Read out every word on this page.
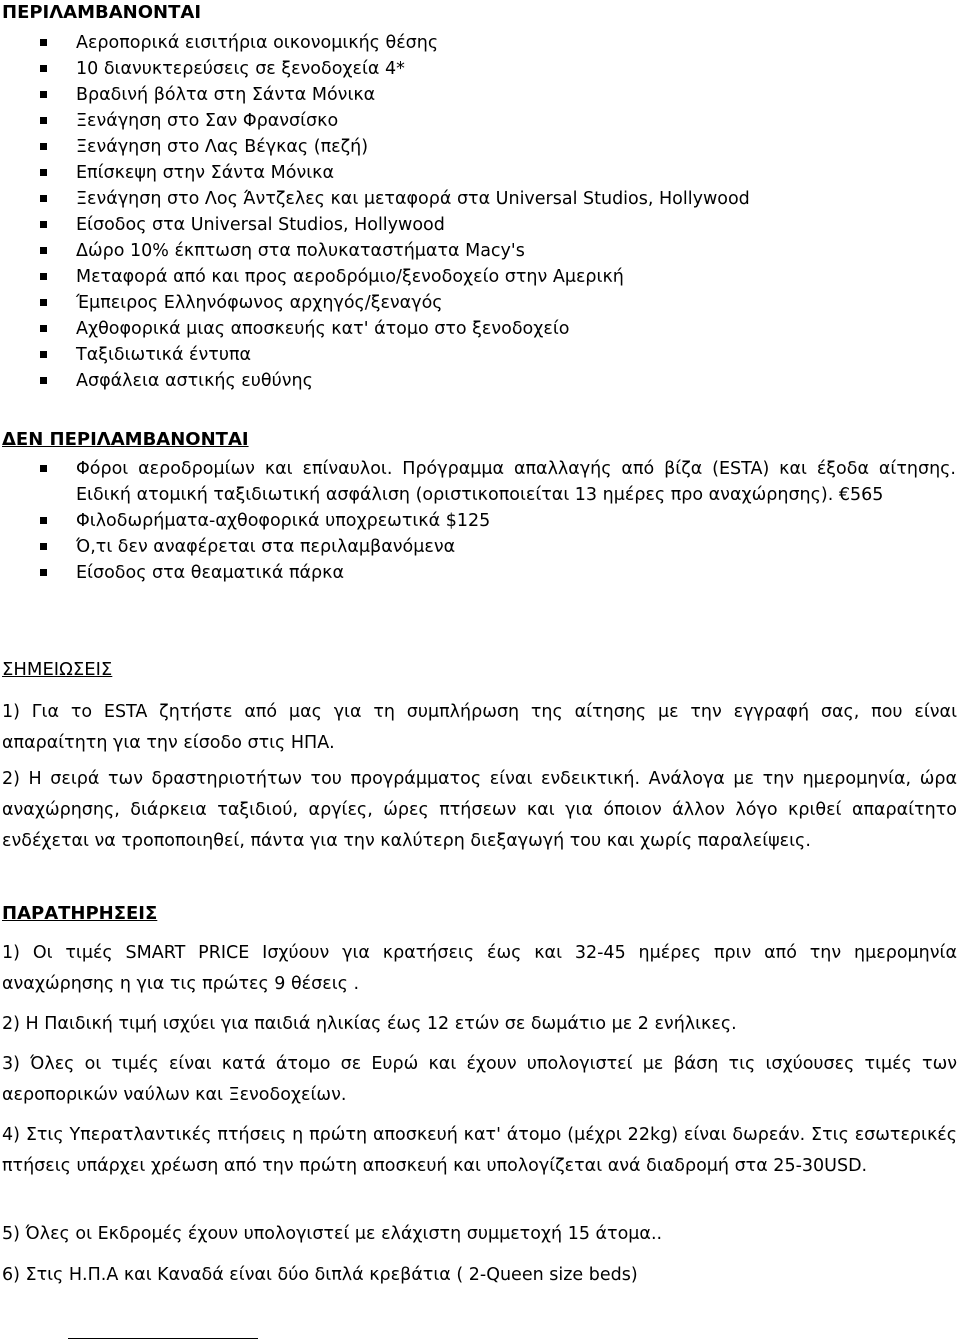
ΠΕΡΙΛΑΜΒΑΝΟΝΤΑΙ
Αεροπορικά εισιτήρια οικονομικής θέσης
10 διανυκτερεύσεις σε ξενοδοχεία 4*
Βραδινή βόλτα στη Σάντα Μόνικα
Ξενάγηση στο Σαν Φρανσίσκο
Ξενάγηση στο Λας Βέγκας (πεζή)
Επίσκεψη στην Σάντα Μόνικα
Ξενάγηση στο Λος Άντζελες και μεταφορά στα Universal Studios, Hollywood
Είσοδος στα Universal Studios, Hollywood
Δώρο 10% έκπτωση στα πολυκαταστήματα Macy's
Μεταφορά από και προς αεροδρόμιο/ξενοδοχείο στην Αμερική
Έμπειρος Ελληνόφωνος αρχηγός/ξεναγός
Αχθοφορικά μιας αποσκευής κατ' άτομο στο ξενοδοχείο
Ταξιδιωτικά έντυπα
Ασφάλεια αστικής ευθύνης
ΔΕΝ ΠΕΡΙΛΑΜΒΑΝΟΝΤΑΙ
Φόροι αεροδρομίων και επίναυλοι. Πρόγραμμα απαλλαγής από βίζα (ESTA) και έξοδα αίτησης. Ειδική ατομική ταξιδιωτική ασφάλιση (οριστικοποιείται 13 ημέρες προ αναχώρησης). €565
Φιλοδωρήματα-αχθοφορικά υποχρεωτικά $125
Ό,τι δεν αναφέρεται στα περιλαμβανόμενα
Είσοδος στα θεαματικά πάρκα
ΣΗΜΕΙΩΣΕΙΣ
1) Για το ESTA ζητήστε από μας για τη συμπλήρωση της αίτησης με την εγγραφή σας, που είναι απαραίτητη για την είσοδο στις ΗΠΑ.
2) Η σειρά των δραστηριοτήτων του προγράμματος είναι ενδεικτική. Ανάλογα με την ημερομηνία, ώρα αναχώρησης, διάρκεια ταξιδιού, αργίες, ώρες πτήσεων και για όποιον άλλον λόγο κριθεί απαραίτητο ενδέχεται να τροποποιηθεί, πάντα για την καλύτερη διεξαγωγή του και χωρίς παραλείψεις.
ΠΑΡΑΤΗΡΗΣΕΙΣ
1) Οι τιμές SMART PRICE Ισχύουν για κρατήσεις έως και 32-45 ημέρες πριν από την ημερομηνία αναχώρησης η για τις πρώτες 9 θέσεις .
2) Η Παιδική τιμή ισχύει για παιδιά ηλικίας έως 12 ετών σε δωμάτιο με 2 ενήλικες.
3) Όλες οι τιμές είναι κατά άτομο σε Ευρώ και έχουν υπολογιστεί με βάση τις ισχύουσες τιμές των αεροπορικών ναύλων και Ξενοδοχείων.
4) Στις Υπερατλαντικές πτήσεις η πρώτη αποσκευή κατ' άτομο (μέχρι 22kg) είναι δωρεάν. Στις εσωτερικές πτήσεις υπάρχει χρέωση από την πρώτη αποσκευή και υπολογίζεται ανά διαδρομή στα 25-30USD.
5) Όλες οι Εκδρομές έχουν υπολογιστεί με ελάχιστη συμμετοχή 15 άτομα..
6) Στις Η.Π.Α και Καναδά είναι δύο διπλά κρεβάτια ( 2-Queen size beds)
